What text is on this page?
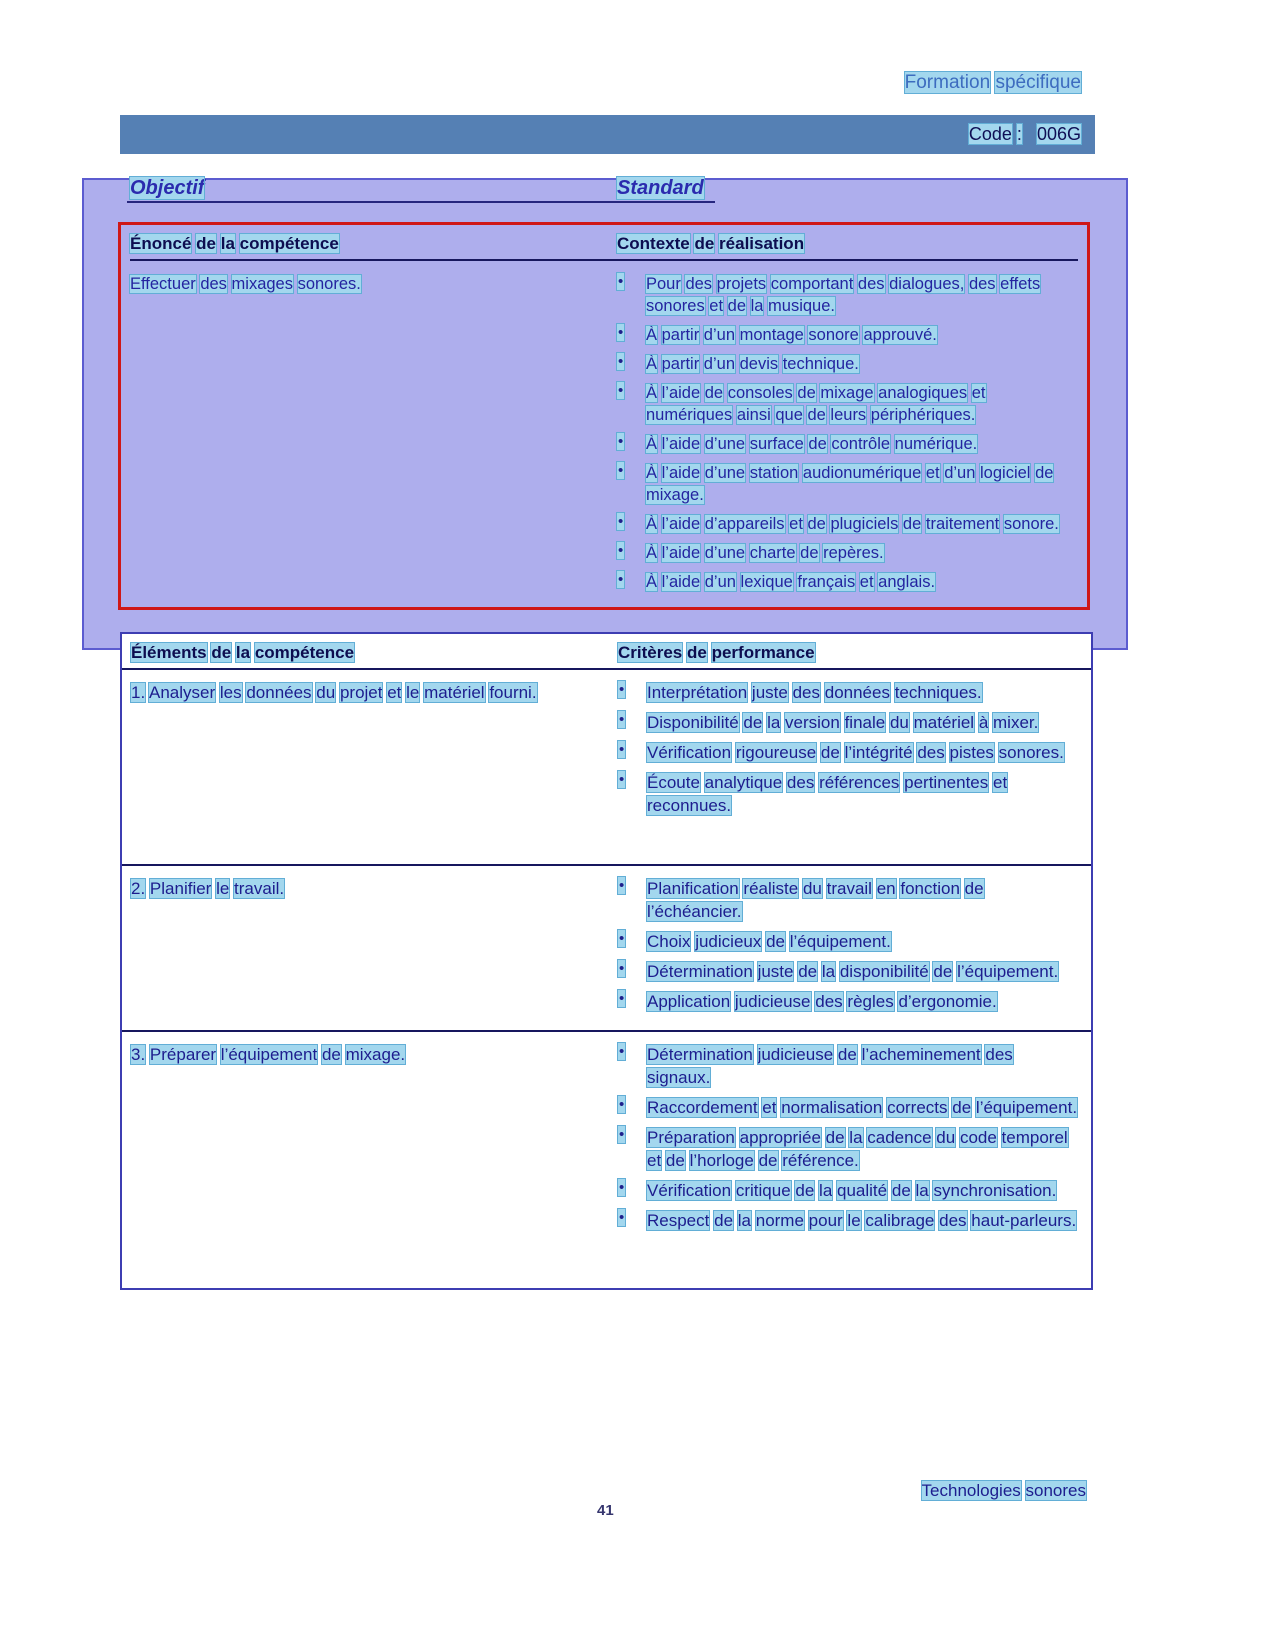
Formation spécifique
Code : 006G
Objectif	Standard
Énoncé de la compétence	Contexte de réalisation
Effectuer des mixages sonores. •	Pour des projets comportant des dialogues, des effets sonores et de la musique.
•
À partir d’un montage sonore approuvé.
•
À partir d’un devis technique.
•
À l’aide de consoles de mixage analogiques et numériques ainsi que de leurs périphériques.
•
À l’aide d’une surface de contrôle numérique.
•
À l’aide d’une station audionumérique et d’un logiciel de mixage.
•
À l’aide d’appareils et de plugiciels de traitement sonore.
•
À l’aide d’une charte de repères.
•
À l’aide d’un lexique français et anglais.
Éléments de la compétence	Critères de performance
1. Analyser les données du projet et le matériel fourni. •	Interprétation juste des données techniques.
•
Disponibilité de la version finale du matériel à mixer.
•
Vérification rigoureuse de l’intégrité des pistes sonores.
•
Écoute analytique des références pertinentes et reconnues.
2. Planifier le travail. •	Planification réaliste du travail en fonction de l’échéancier.
•
Choix judicieux de l’équipement.
•
Détermination juste de la disponibilité de l’équipement.
•
Application judicieuse des règles d’ergonomie.
3. Préparer l’équipement de mixage. •	Détermination judicieuse de l’acheminement des signaux.
•
Raccordement et normalisation corrects de l’équipement.
•
Préparation appropriée de la cadence du code temporel et de l’horloge de référence.
•
Vérification critique de la qualité de la synchronisation.
•
Respect de la norme pour le calibrage des haut-parleurs.
Technologies sonores
41
